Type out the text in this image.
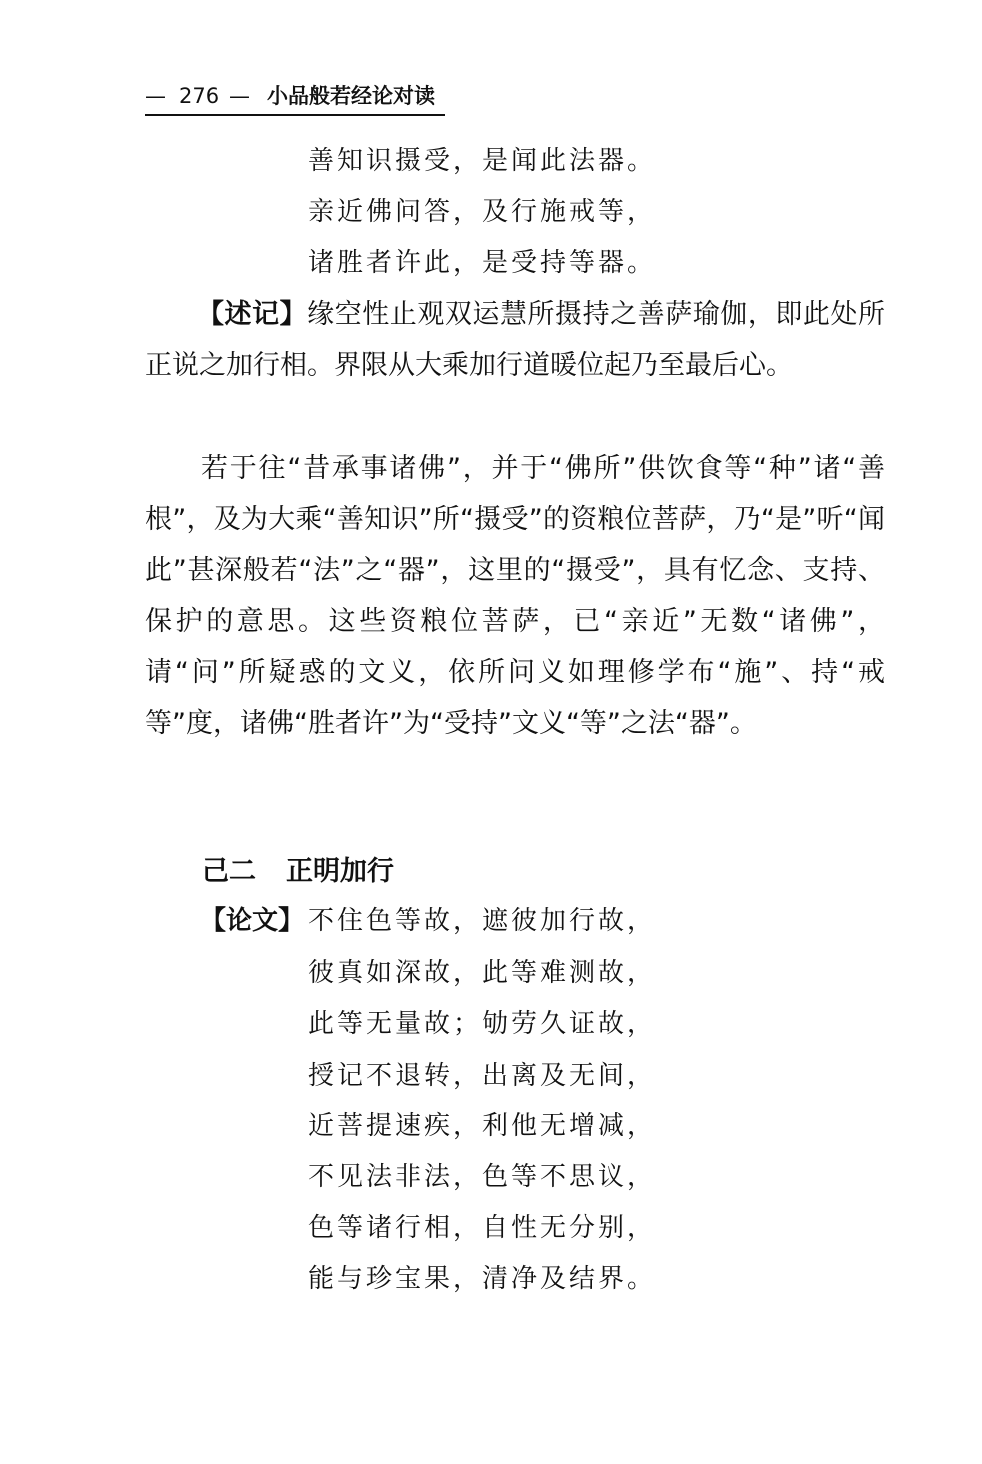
— 276 — 小品般若经论对读
善知识摄受，是闻此法器。
亲近佛问答，及行施戒等，
诸胜者许此，是受持等器。
【述记】缘空性止观双运慧所摄持之善萨瑜伽，即此处所正说之加行相。界限从大乘加行道暖位起乃至最后心。
若于往“昔承事诸佛”，并于“佛所”供饮食等“种”诸“善根”，及为大乘“善知识”所“摄受”的资粮位菩萨，乃“是”听“闻此”甚深般若“法”之“器”，这里的“摄受”，具有忆念、支持、保护的意思。这些资粮位菩萨，已“亲近”无数“诸佛”，请“问”所疑惑的文义，依所问义如理修学布“施”、持“戒等”度，诸佛“胜者许”为“受持”文义“等”之法“器”。
己二 正明加行
【论文】 不住色等故，遮彼加行故，
彼真如深故，此等难测故，
此等无量故；劬劳久证故，
授记不退转，出离及无间，
近菩提速疾，利他无增减，
不见法非法，色等不思议，
色等诸行相，自性无分别，
能与珍宝果，清净及结界。
